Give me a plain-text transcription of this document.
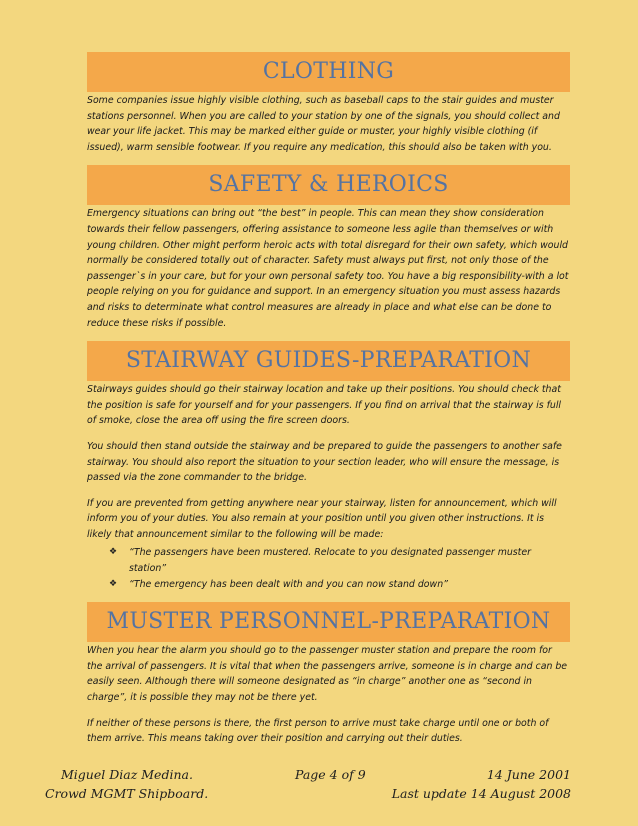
CLOTHING

Some companies issue highly visible clothing, such as baseball caps to the stair guides and muster stations personnel. When you are called to your station by one of the signals, you should collect and wear your life jacket. This may be marked either guide or muster, your highly visible clothing (if issued), warm sensible footwear. If you require any medication, this should also be taken with you.

SAFETY & HEROICS

Emergency situations can bring out “the best” in people. This can mean they show consideration towards their fellow passengers, offering assistance to someone less agile than themselves or with young children. Other might perform heroic acts with total disregard for their own safety, which would normally be considered totally out of character. Safety must always put first, not only those of the passenger`s in your care, but for your own personal safety too. You have a big responsibility-with a lot people relying on you for guidance and support. In an emergency situation you must assess hazards and risks to determinate what control measures are already in place and what else can be done to reduce these risks if possible.

STAIRWAY GUIDES-PREPARATION

Stairways guides should go their stairway location and take up their positions. You should check that the position is safe for yourself and for your passengers. If you find on arrival that the stairway is full of smoke, close the area off using the fire screen doors.

You should then stand outside the stairway and be prepared to guide the passengers to another safe stairway. You should also report the situation to your section leader, who will ensure the message, is passed via the zone commander to the bridge.

If you are prevented from getting anywhere near your stairway, listen for announcement, which will inform you of your duties. You also remain at your position until you given other instructions. It is likely that announcement similar to the following will be made:

❖ “The passengers have been mustered. Relocate to you designated passenger muster station”
❖ “The emergency has been dealt with and you can now stand down”
MUSTER PERSONNEL-PREPARATION

When you hear the alarm you should go to the passenger muster station and prepare the room for the arrival of passengers. It is vital that when the passengers arrive, someone is in charge and can be easily seen. Although there will someone designated as “in charge” another one as “second in charge”, it is possible they may not be there yet.

If neither of these persons is there, the first person to arrive must take charge until one or both of them arrive. This means taking over their position and carrying out their duties.

Miguel Diaz Medina.
Crowd MGMT Shipboard.
Page 4 of 9	14 June 2001
Last update 14 August 2008
